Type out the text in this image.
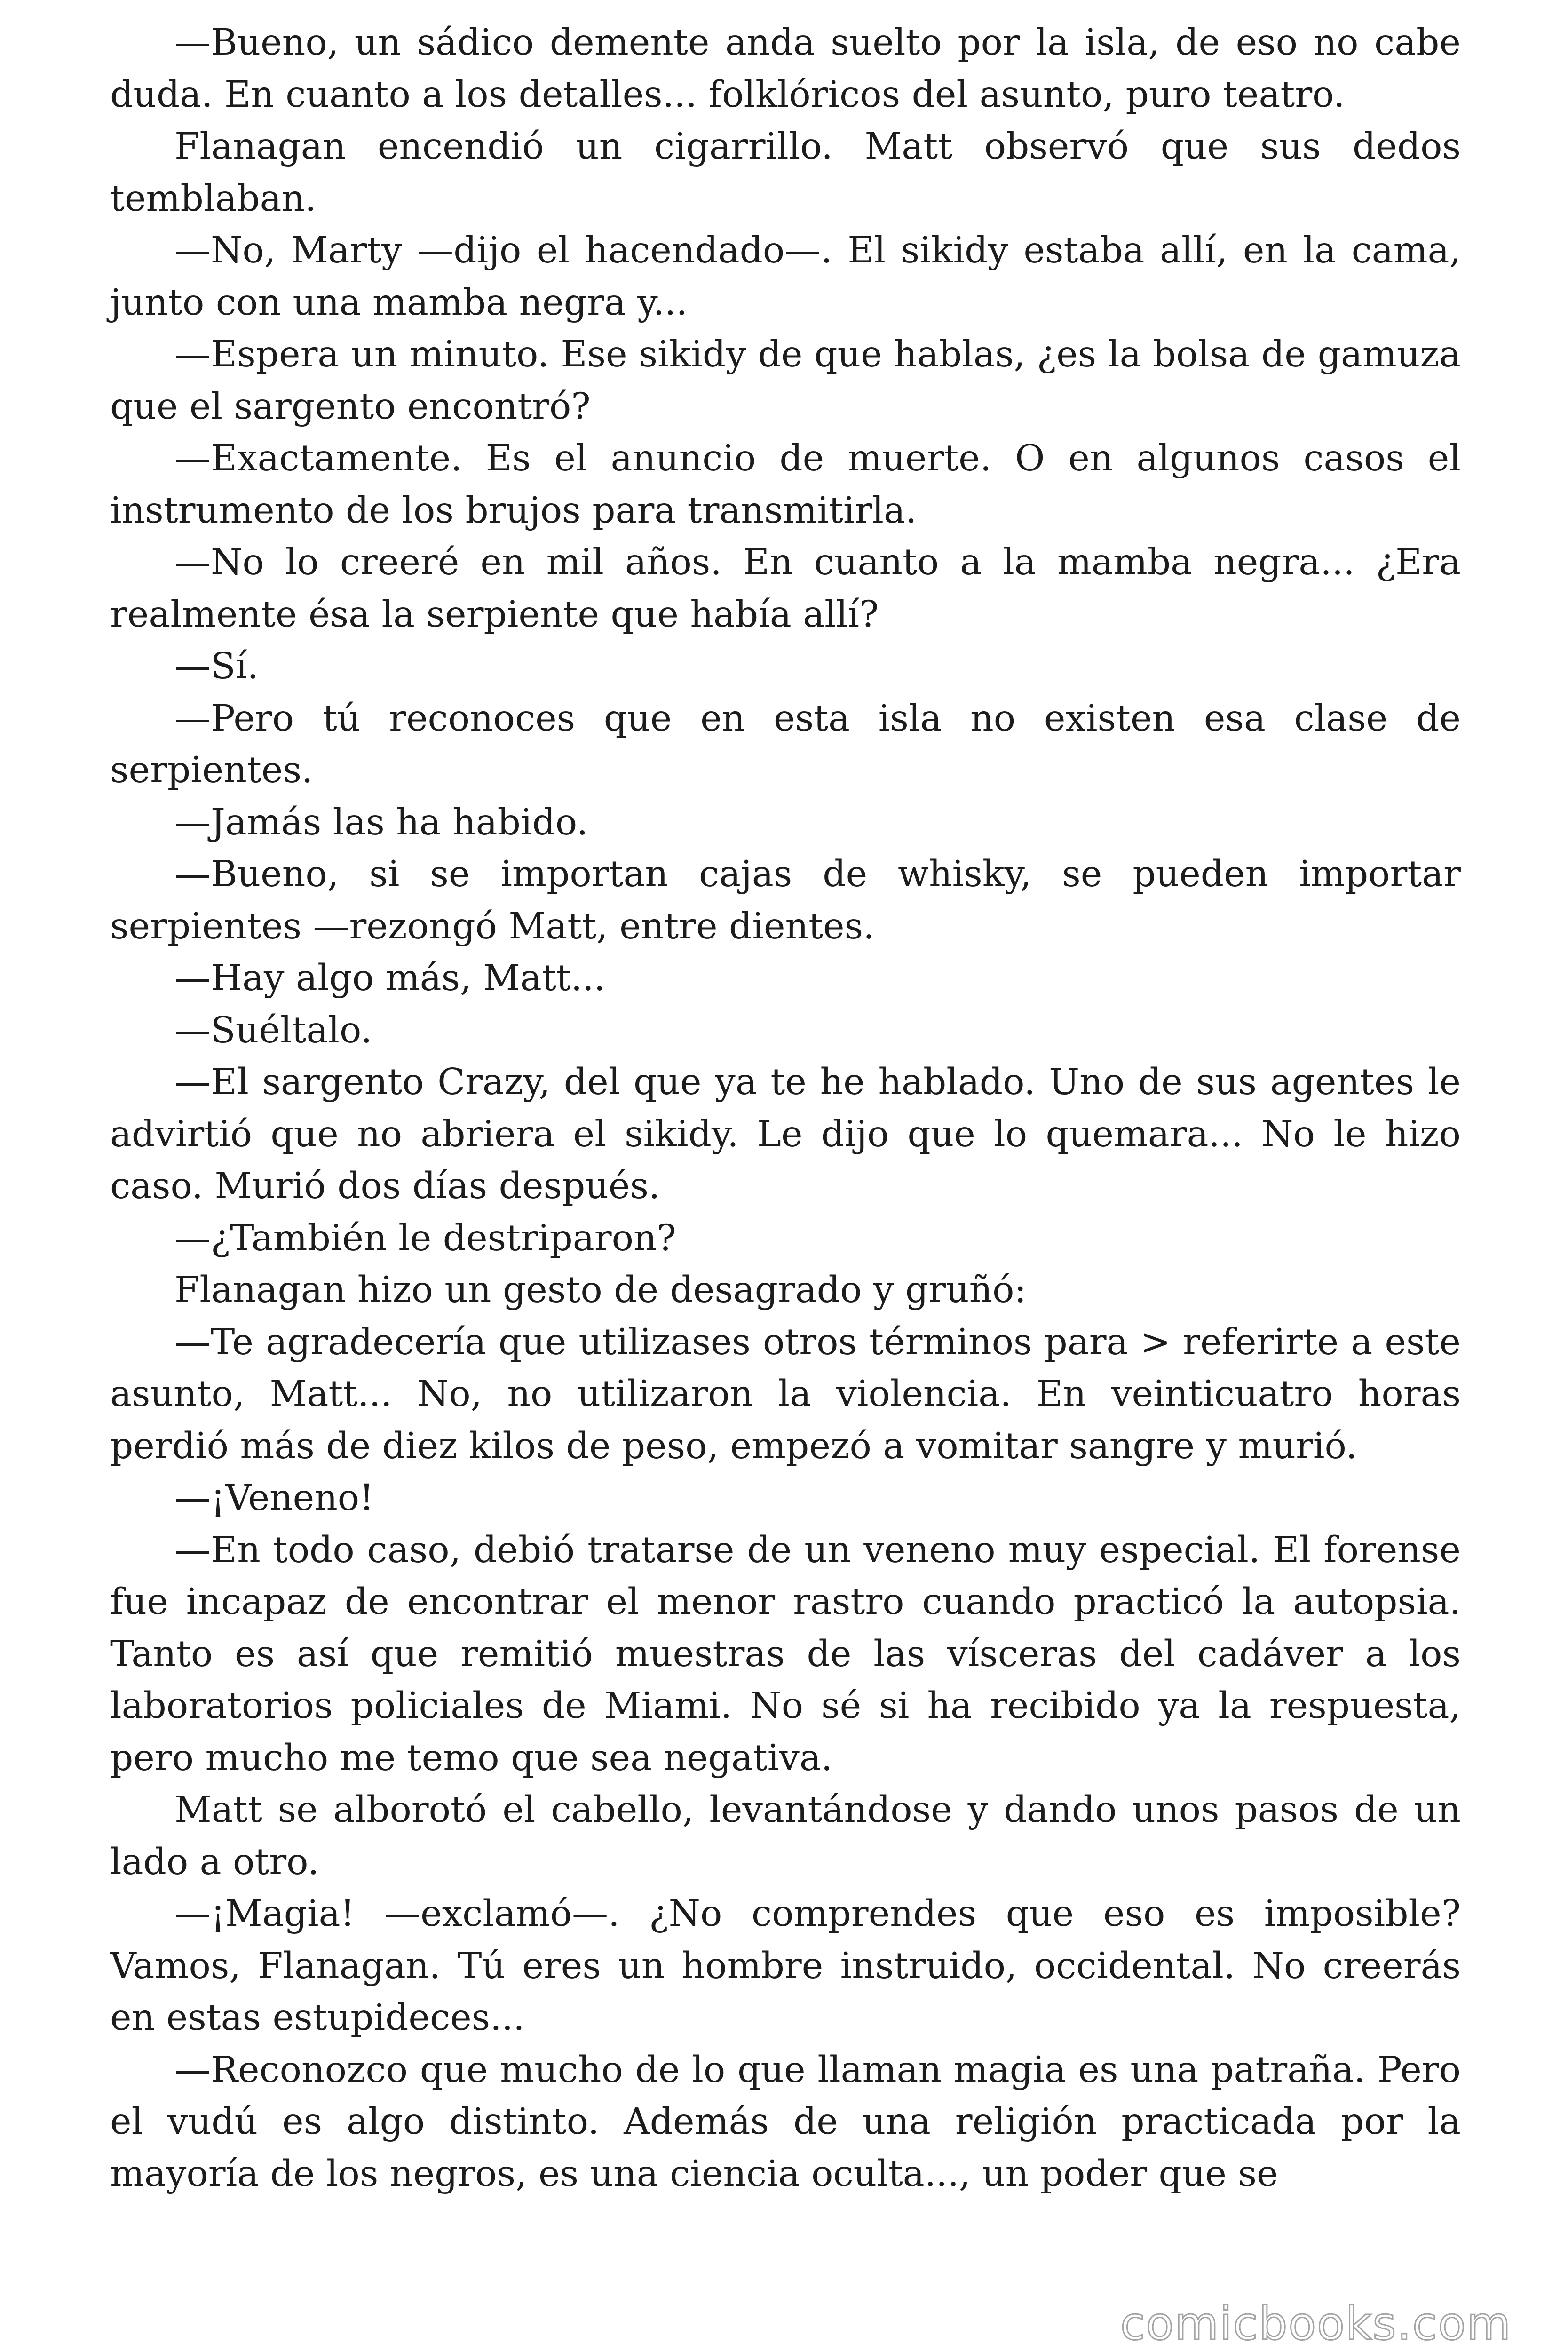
—Bueno, un sádico demente anda suelto por la isla, de eso no cabe duda. En cuanto a los detalles... folklóricos del asunto, puro teatro.

Flanagan encendió un cigarrillo. Matt observó que sus dedos temblaban.

—No, Marty —dijo el hacendado—. El sikidy estaba allí, en la cama, junto con una mamba negra y...

—Espera un minuto. Ese sikidy de que hablas, ¿es la bolsa de gamuza que el sargento encontró?

—Exactamente. Es el anuncio de muerte. O en algunos casos el instrumento de los brujos para transmitirla.

—No lo creeré en mil años. En cuanto a la mamba negra... ¿Era realmente ésa la serpiente que había allí?

—Sí.

—Pero tú reconoces que en esta isla no existen esa clase de serpientes.

—Jamás las ha habido.

—Bueno, si se importan cajas de whisky, se pueden importar serpientes —rezongó Matt, entre dientes.

—Hay algo más, Matt...

—Suéltalo.

—El sargento Crazy, del que ya te he hablado. Uno de sus agentes le advirtió que no abriera el sikidy. Le dijo que lo quemara... No le hizo caso. Murió dos días después.

—¿También le destriparon?

Flanagan hizo un gesto de desagrado y gruñó:

—Te agradecería que utilizases otros términos para > referirte a este asunto, Matt... No, no utilizaron la violencia. En veinticuatro horas perdió más de diez kilos de peso, empezó a vomitar sangre y murió.

—¡Veneno!

—En todo caso, debió tratarse de un veneno muy especial. El forense fue incapaz de encontrar el menor rastro cuando practicó la autopsia. Tanto es así que remitió muestras de las vísceras del cadáver a los laboratorios policiales de Miami. No sé si ha recibido ya la respuesta, pero mucho me temo que sea negativa.

Matt se alborotó el cabello, levantándose y dando unos pasos de un lado a otro.

—¡Magia! —exclamó—. ¿No comprendes que eso es imposible? Vamos, Flanagan. Tú eres un hombre instruido, occidental. No creerás en estas estupideces...

—Reconozco que mucho de lo que llaman magia es una patraña. Pero el vudú es algo distinto. Además de una religión practicada por la mayoría de los negros, es una ciencia oculta..., un poder que se

comicbooks.com
